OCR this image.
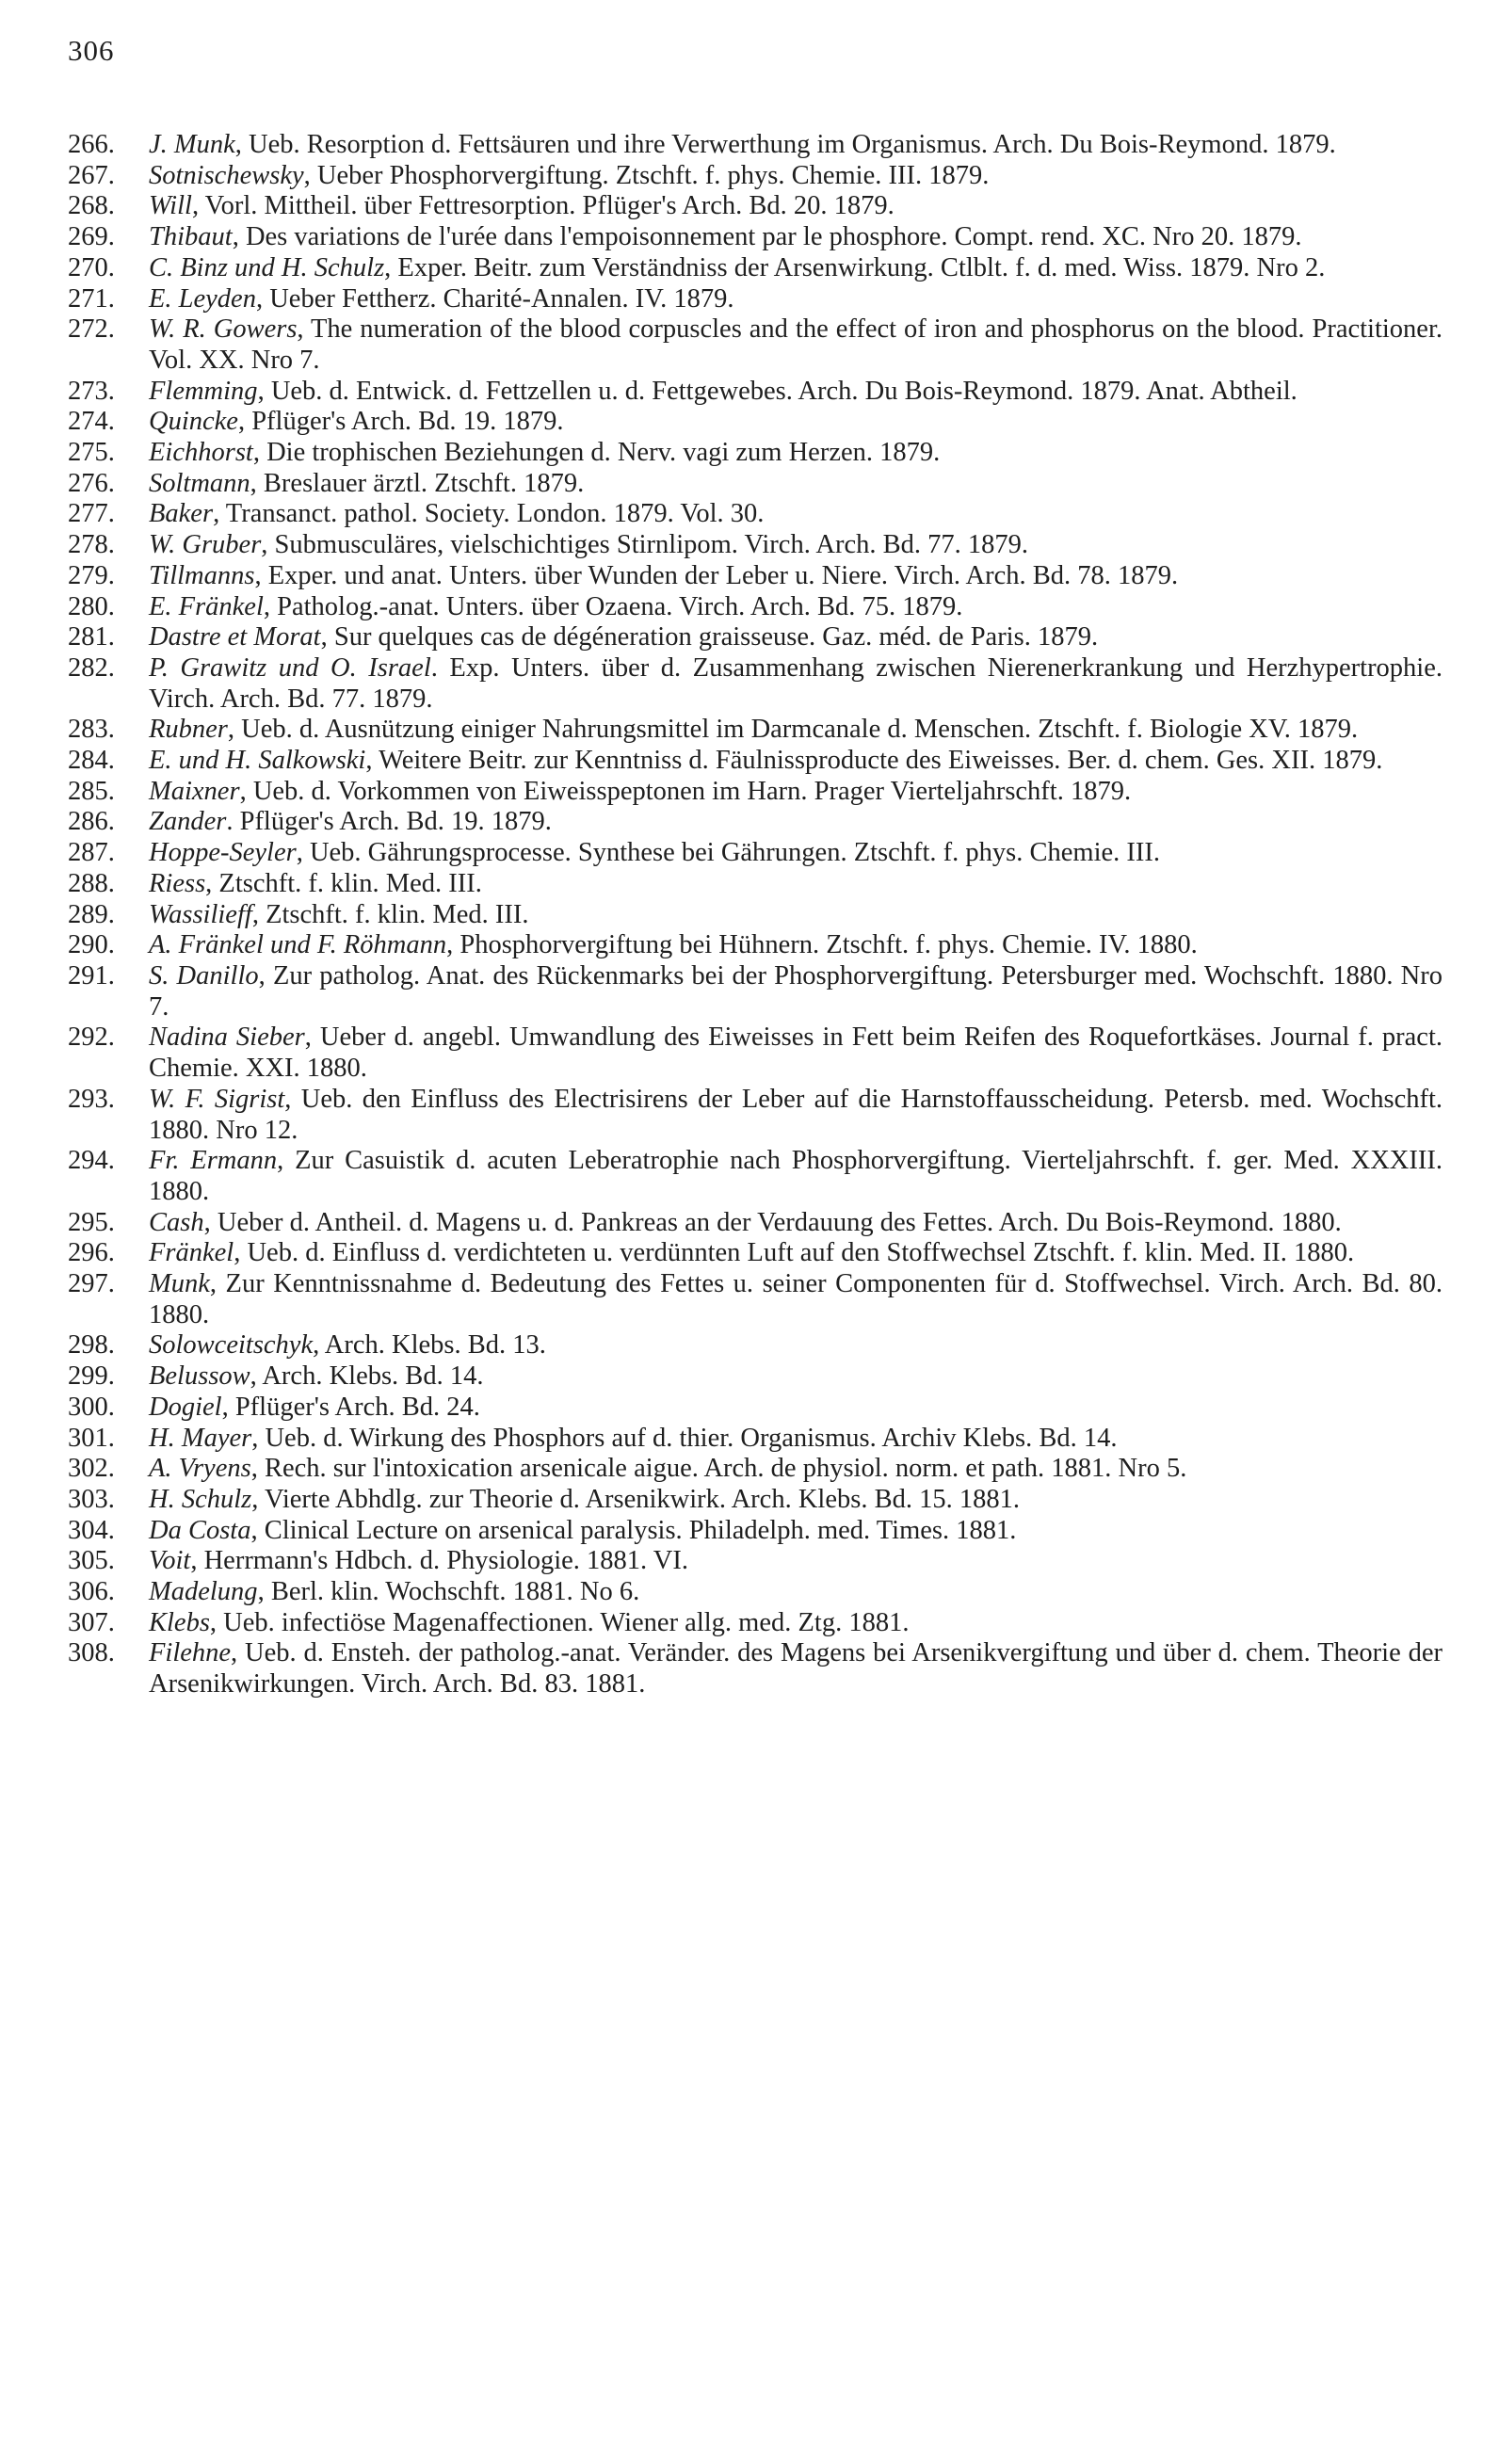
306
266.	J. Munk, Ueb. Resorption d. Fettsäuren und ihre Verwerthung im Organismus. Arch. Du Bois-Reymond. 1879.
267.	Sotnischewsky, Ueber Phosphorvergiftung. Ztschft. f. phys. Chemie. III. 1879.
268.	Will, Vorl. Mittheil. über Fettresorption. Pflüger's Arch. Bd. 20. 1879.
269.	Thibaut, Des variations de l'urée dans l'empoisonnement par le phosphore. Compt. rend. XC. Nro 20. 1879.
270.	C. Binz und H. Schulz, Exper. Beitr. zum Verständniss der Arsenwirkung. Ctlblt. f. d. med. Wiss. 1879. Nro 2.
271.	E. Leyden, Ueber Fettherz. Charité-Annalen. IV. 1879.
272.	W. R. Gowers, The numeration of the blood corpuscles and the effect of iron and phosphorus on the blood. Practitioner. Vol. XX. Nro 7.
273.	Flemming, Ueb. d. Entwick. d. Fettzellen u. d. Fettgewebes. Arch. Du Bois-Reymond. 1879. Anat. Abtheil.
274.	Quincke, Pflüger's Arch. Bd. 19. 1879.
275.	Eichhorst, Die trophischen Beziehungen d. Nerv. vagi zum Herzen. 1879.
276.	Soltmann, Breslauer ärztl. Ztschft. 1879.
277.	Baker, Transanct. pathol. Society. London. 1879. Vol. 30.
278.	W. Gruber, Submusculäres, vielschichtiges Stirnlipom. Virch. Arch. Bd. 77. 1879.
279.	Tillmanns, Exper. und anat. Unters. über Wunden der Leber u. Niere. Virch. Arch. Bd. 78. 1879.
280.	E. Fränkel, Patholog.-anat. Unters. über Ozaena. Virch. Arch. Bd. 75. 1879.
281.	Dastre et Morat, Sur quelques cas de dégéneration graisseuse. Gaz. méd. de Paris. 1879.
282.	P. Grawitz und O. Israel. Exp. Unters. über d. Zusammenhang zwischen Nierenerkrankung und Herzhypertrophie. Virch. Arch. Bd. 77. 1879.
283.	Rubner, Ueb. d. Ausnützung einiger Nahrungsmittel im Darmcanale d. Menschen. Ztschft. f. Biologie XV. 1879.
284.	E. und H. Salkowski, Weitere Beitr. zur Kenntniss d. Fäulnissproducte des Eiweisses. Ber. d. chem. Ges. XII. 1879.
285.	Maixner, Ueb. d. Vorkommen von Eiweisspeptonen im Harn. Prager Vierteljahrschft. 1879.
286.	Zander. Pflüger's Arch. Bd. 19. 1879.
287.	Hoppe-Seyler, Ueb. Gährungsprocesse. Synthese bei Gährungen. Ztschft. f. phys. Chemie. III.
288.	Riess, Ztschft. f. klin. Med. III.
289.	Wassilieff, Ztschft. f. klin. Med. III.
290.	A. Fränkel und F. Röhmann, Phosphorvergiftung bei Hühnern. Ztschft. f. phys. Chemie. IV. 1880.
291.	S. Danillo, Zur patholog. Anat. des Rückenmarks bei der Phosphorvergiftung. Petersburger med. Wochschft. 1880. Nro 7.
292.	Nadina Sieber, Ueber d. angebl. Umwandlung des Eiweisses in Fett beim Reifen des Roquefortkäses. Journal f. pract. Chemie. XXI. 1880.
293.	W. F. Sigrist, Ueb. den Einfluss des Electrisirens der Leber auf die Harnstoffausscheidung. Petersb. med. Wochschft. 1880. Nro 12.
294.	Fr. Ermann, Zur Casuistik d. acuten Leberatrophie nach Phosphorvergiftung. Vierteljahrschft. f. ger. Med. XXXIII. 1880.
295.	Cash, Ueber d. Antheil. d. Magens u. d. Pankreas an der Verdauung des Fettes. Arch. Du Bois-Reymond. 1880.
296.	Fränkel, Ueb. d. Einfluss d. verdichteten u. verdünnten Luft auf den Stoffwechsel Ztschft. f. klin. Med. II. 1880.
297.	Munk, Zur Kenntnissnahme d. Bedeutung des Fettes u. seiner Componenten für d. Stoffwechsel. Virch. Arch. Bd. 80. 1880.
298.	Solowceitschyk, Arch. Klebs. Bd. 13.
299.	Belussow, Arch. Klebs. Bd. 14.
300.	Dogiel, Pflüger's Arch. Bd. 24.
301.	H. Mayer, Ueb. d. Wirkung des Phosphors auf d. thier. Organismus. Archiv Klebs. Bd. 14.
302.	A. Vryens, Rech. sur l'intoxication arsenicale aigue. Arch. de physiol. norm. et path. 1881. Nro 5.
303.	H. Schulz, Vierte Abhdlg. zur Theorie d. Arsenikwirk. Arch. Klebs. Bd. 15. 1881.
304.	Da Costa, Clinical Lecture on arsenical paralysis. Philadelph. med. Times. 1881.
305.	Voit, Herrmann's Hdbch. d. Physiologie. 1881. VI.
306.	Madelung, Berl. klin. Wochschft. 1881. No 6.
307.	Klebs, Ueb. infectiöse Magenaffectionen. Wiener allg. med. Ztg. 1881.
308.	Filehne, Ueb. d. Ensteh. der patholog.-anat. Veränder. des Magens bei Arsenikvergiftung und über d. chem. Theorie der Arsenikwirkungen. Virch. Arch. Bd. 83. 1881.
